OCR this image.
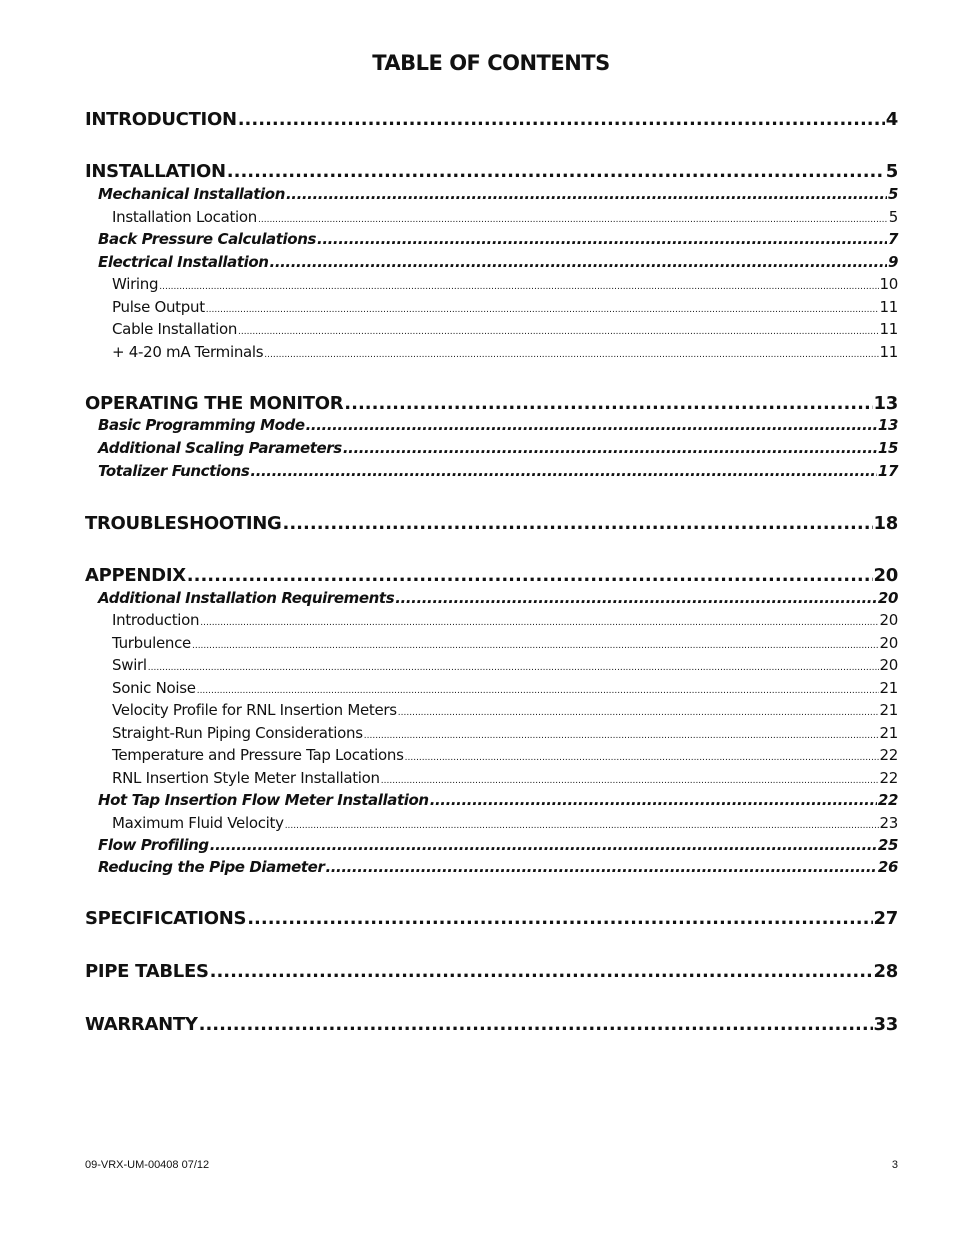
TABLE OF CONTENTS
INTRODUCTION .....	4
INSTALLATION .....	5
Mechanical Installation .....	5
Installation Location .....	5
Back Pressure Calculations .....	7
Electrical Installation .....	9
Wiring .....	10
Pulse Output .....	11
Cable Installation .....	11
+ 4-20 mA Terminals .....	11
OPERATING THE MONITOR .....	13
Basic Programming Mode .....	13
Additional Scaling Parameters .....	15
Totalizer Functions .....	17
TROUBLESHOOTING .....	18
APPENDIX .....	20
Additional Installation Requirements .....	20
Introduction .....	20
Turbulence .....	20
Swirl .....	20
Sonic Noise .....	21
Velocity Profile for RNL Insertion Meters .....	21
Straight-Run Piping Considerations .....	21
Temperature and Pressure Tap Locations .....	22
RNL Insertion Style Meter Installation .....	22
Hot Tap Insertion Flow Meter Installation .....	22
Maximum Fluid Velocity .....	23
Flow Profiling .....	25
Reducing the Pipe Diameter .....	26
SPECIFICATIONS .....	27
PIPE TABLES .....	28
WARRANTY .....	33
09-VRX-UM-00408 07/12	3
